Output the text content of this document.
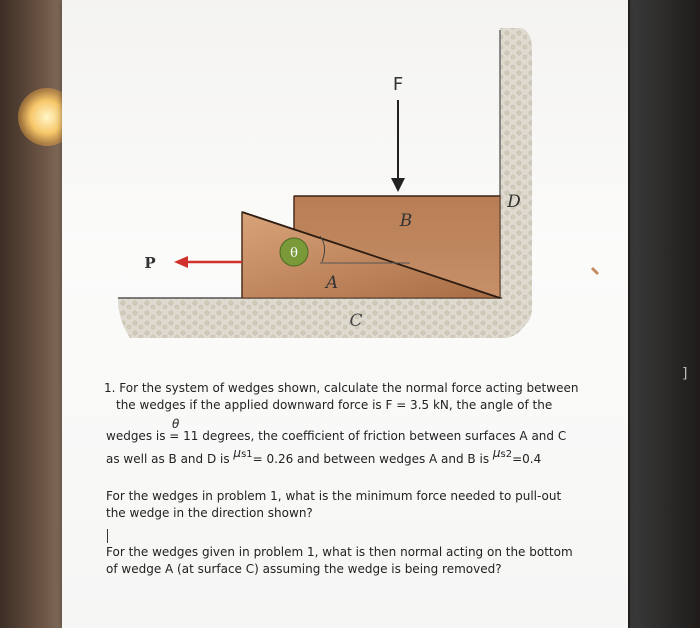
θ
F
P
A
B
C
D
1. For the system of wedges shown, calculate the normal force acting between
the wedges if the applied downward force is F = 3.5 kN, the angle of the
θ
wedges is = 11 degrees, the coefficient of friction between surfaces A and C
as well as B and D is $\mu^{s1}= 0.26$ and between wedges A and B is $\mu^{s2}=0.4$
For the wedges in problem 1, what is the minimum force needed to pull-out the wedge in the direction shown?
For the wedges given in problem 1, what is then normal acting on the bottom of wedge A (at surface C) assuming the wedge is being removed?
]
